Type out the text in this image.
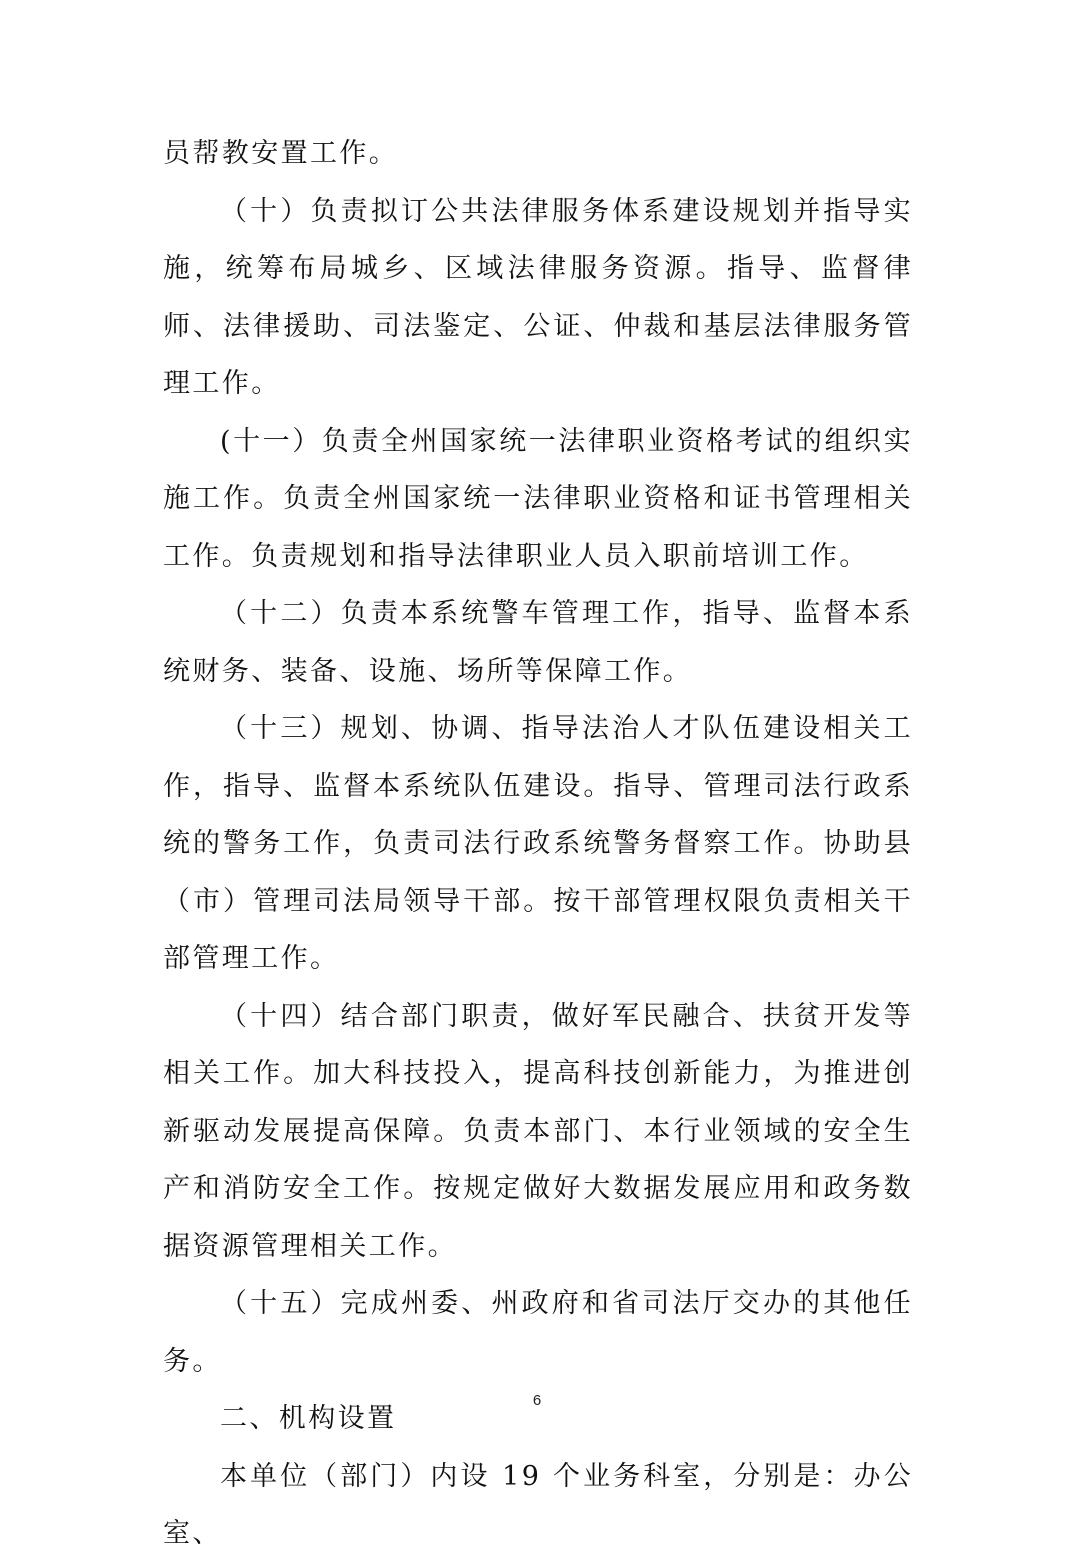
员帮教安置工作。

（十）负责拟订公共法律服务体系建设规划并指导实施，统筹布局城乡、区域法律服务资源。指导、监督律师、法律援助、司法鉴定、公证、仲裁和基层法律服务管理工作。

(十一）负责全州国家统一法律职业资格考试的组织实施工作。负责全州国家统一法律职业资格和证书管理相关工作。负责规划和指导法律职业人员入职前培训工作。

（十二）负责本系统警车管理工作，指导、监督本系统财务、装备、设施、场所等保障工作。

（十三）规划、协调、指导法治人才队伍建设相关工作，指导、监督本系统队伍建设。指导、管理司法行政系统的警务工作，负责司法行政系统警务督察工作。协助县（市）管理司法局领导干部。按干部管理权限负责相关干部管理工作。

（十四）结合部门职责，做好军民融合、扶贫开发等相关工作。加大科技投入，提高科技创新能力，为推进创新驱动发展提高保障。负责本部门、本行业领域的安全生产和消防安全工作。按规定做好大数据发展应用和政务数据资源管理相关工作。

（十五）完成州委、州政府和省司法厅交办的其他任务。

二、机构设置

本单位（部门）内设 19 个业务科室，分别是：办公室、

6
